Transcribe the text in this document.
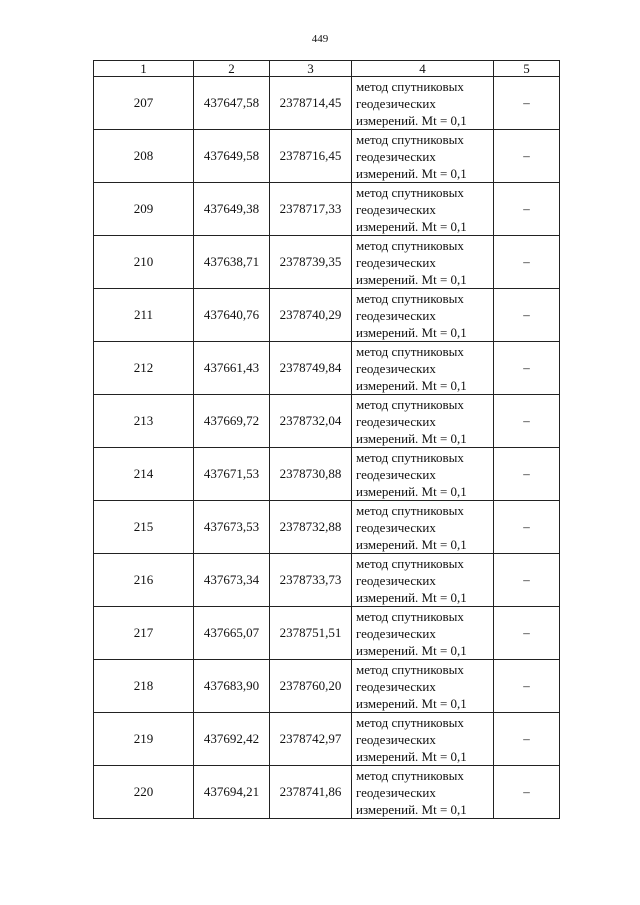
449
1	2	3	4	5
207	437647,58	2378714,45	метод спутниковых
геодезических
измерений. Mt = 0,1	–
208	437649,58	2378716,45	метод спутниковых
геодезических
измерений. Mt = 0,1	–
209	437649,38	2378717,33	метод спутниковых
геодезических
измерений. Mt = 0,1	–
210	437638,71	2378739,35	метод спутниковых
геодезических
измерений. Mt = 0,1	–
211	437640,76	2378740,29	метод спутниковых
геодезических
измерений. Mt = 0,1	–
212	437661,43	2378749,84	метод спутниковых
геодезических
измерений. Mt = 0,1	–
213	437669,72	2378732,04	метод спутниковых
геодезических
измерений. Mt = 0,1	–
214	437671,53	2378730,88	метод спутниковых
геодезических
измерений. Mt = 0,1	–
215	437673,53	2378732,88	метод спутниковых
геодезических
измерений. Mt = 0,1	–
216	437673,34	2378733,73	метод спутниковых
геодезических
измерений. Mt = 0,1	–
217	437665,07	2378751,51	метод спутниковых
геодезических
измерений. Mt = 0,1	–
218	437683,90	2378760,20	метод спутниковых
геодезических
измерений. Mt = 0,1	–
219	437692,42	2378742,97	метод спутниковых
геодезических
измерений. Mt = 0,1	–
220	437694,21	2378741,86	метод спутниковых
геодезических
измерений. Mt = 0,1	–
